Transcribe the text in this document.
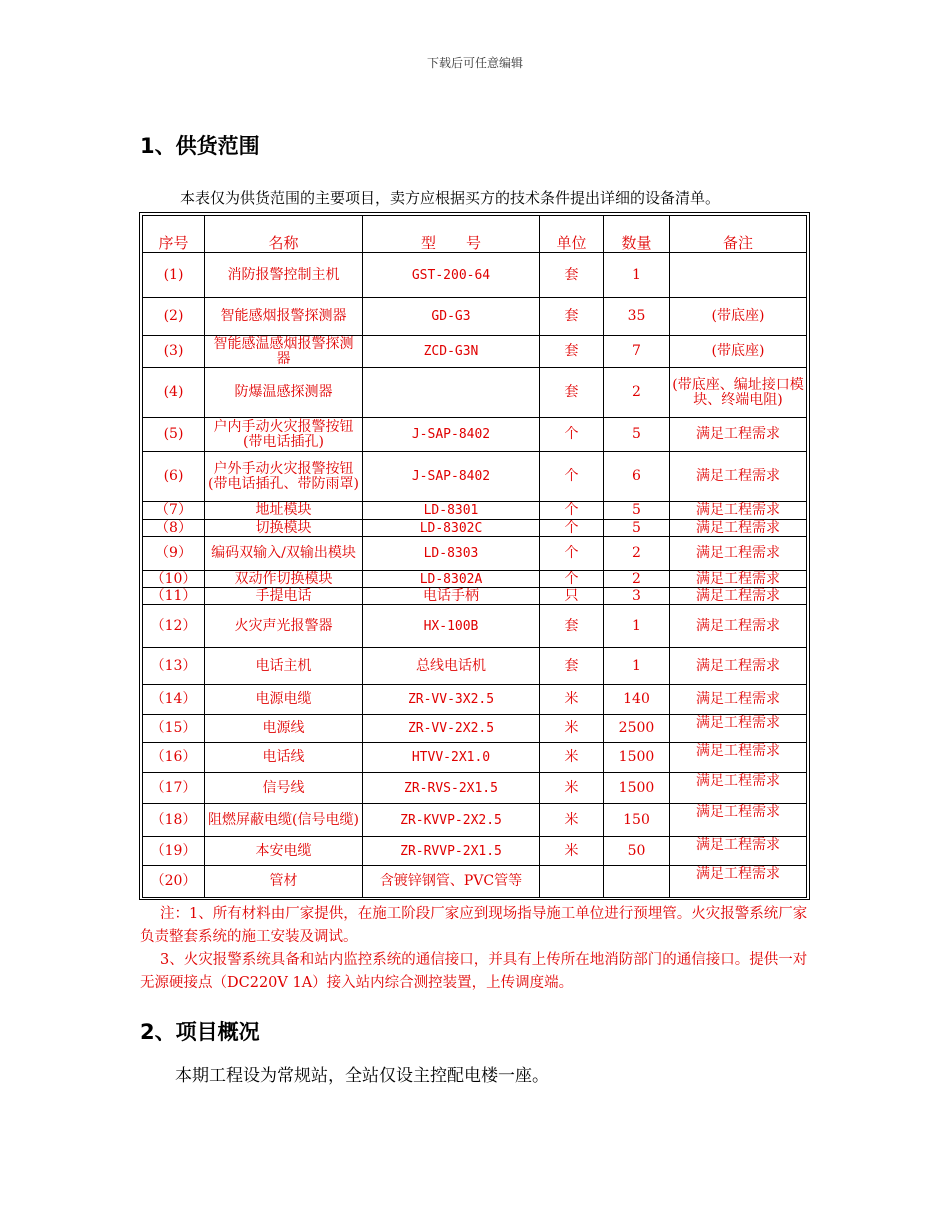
下载后可任意编辑
1、供货范围
本表仅为供货范围的主要项目，卖方应根据买方的技术条件提出详细的设备清单。
序号	名称	型　　号	单位	数量	备注
(1)	消防报警控制主机	GST-200-64	套	1	
(2)	智能感烟报警探测器	GD-G3	套	35	(带底座)
(3)	智能感温感烟报警探测器	ZCD-G3N	套	7	(带底座)
(4)	防爆温感探测器		套	2	(带底座、编址接口模块、终端电阻)
(5)	户内手动火灾报警按钮(带电话插孔)	J-SAP-8402	个	5	满足工程需求
(6)	户外手动火灾报警按钮(带电话插孔、带防雨罩)	J-SAP-8402	个	6	满足工程需求
（7）	地址模块	LD-8301	个	5	满足工程需求
（8）	切换模块	LD-8302C	个	5	满足工程需求
（9）	编码双输入/双输出模块	LD-8303	个	2	满足工程需求
（10）	双动作切换模块	LD-8302A	个	2	满足工程需求
（11）	手提电话	电话手柄	只	3	满足工程需求
（12）	火灾声光报警器	HX-100B	套	1	满足工程需求
（13）	电话主机	总线电话机	套	1	满足工程需求
（14）	电源电缆	ZR-VV-3X2.5	米	140	满足工程需求
（15）	电源线	ZR-VV-2X2.5	米	2500	满足工程需求
（16）	电话线	HTVV-2X1.0	米	1500	满足工程需求
（17）	信号线	ZR-RVS-2X1.5	米	1500	满足工程需求
（18）	阻燃屏蔽电缆(信号电缆)	ZR-KVVP-2X2.5	米	150	满足工程需求
（19）	本安电缆	ZR-RVVP-2X1.5	米	50	满足工程需求
（20）	管材	含镀锌钢管、PVC管等			满足工程需求

注：1、所有材料由厂家提供，在施工阶段厂家应到现场指导施工单位进行预埋管。火灾报警系统厂家负责整套系统的施工安装及调试。

3、火灾报警系统具备和站内监控系统的通信接口，并具有上传所在地消防部门的通信接口。提供一对无源硬接点（DC220V 1A）接入站内综合测控装置，上传调度端。

2、项目概况
本期工程设为常规站，全站仅设主控配电楼一座。
